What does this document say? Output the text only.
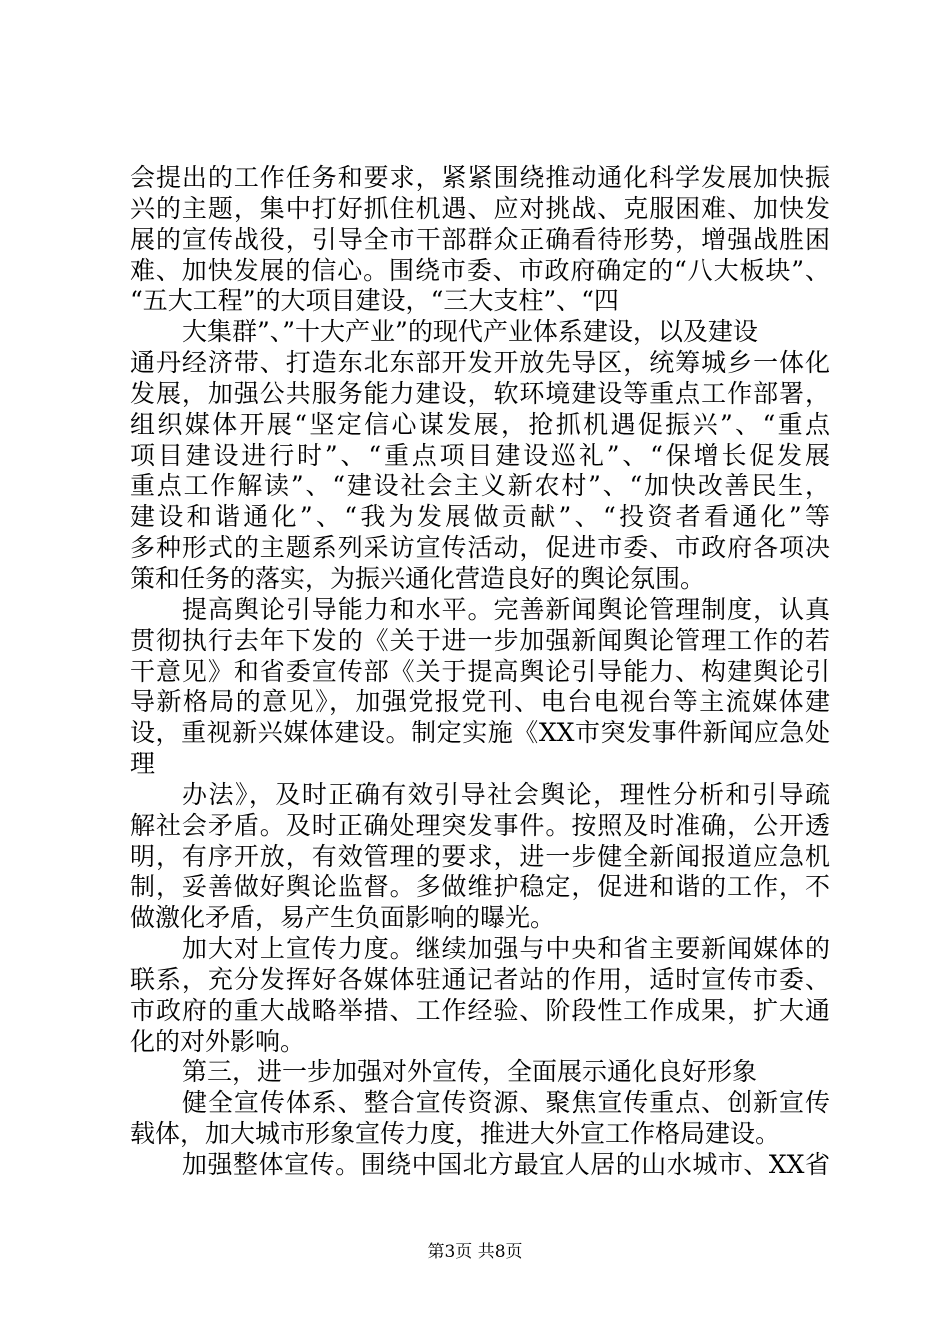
会提出的工作任务和要求，紧紧围绕推动通化科学发展加快振
兴的主题，集中打好抓住机遇、应对挑战、克服困难、加快发
展的宣传战役，引导全市干部群众正确看待形势，增强战胜困
难、加快发展的信心。围绕市委、市政府确定的“八大板块”、
“五大工程”的大项目建设，“三大支柱”、“四
大集群”、”十大产业”的现代产业体系建设，以及建设
通丹经济带、打造东北东部开发开放先导区，统筹城乡一体化
发展，加强公共服务能力建设，软环境建设等重点工作部署，
组织媒体开展“坚定信心谋发展，抢抓机遇促振兴”、“重点
项目建设进行时”、“重点项目建设巡礼”、“保增长促发展
重点工作解读”、“建设社会主义新农村”、“加快改善民生，
建设和谐通化”、“我为发展做贡献”、“投资者看通化”等
多种形式的主题系列采访宣传活动，促进市委、市政府各项决
策和任务的落实，为振兴通化营造良好的舆论氛围。
提高舆论引导能力和水平。完善新闻舆论管理制度，认真
贯彻执行去年下发的《关于进一步加强新闻舆论管理工作的若
干意见》和省委宣传部《关于提高舆论引导能力、构建舆论引
导新格局的意见》，加强党报党刊、电台电视台等主流媒体建
设，重视新兴媒体建设。制定实施《XX市突发事件新闻应急处
理
办法》，及时正确有效引导社会舆论，理性分析和引导疏
解社会矛盾。及时正确处理突发事件。按照及时准确，公开透
明，有序开放，有效管理的要求，进一步健全新闻报道应急机
制，妥善做好舆论监督。多做维护稳定，促进和谐的工作，不
做激化矛盾，易产生负面影响的曝光。
加大对上宣传力度。继续加强与中央和省主要新闻媒体的
联系，充分发挥好各媒体驻通记者站的作用，适时宣传市委、
市政府的重大战略举措、工作经验、阶段性工作成果，扩大通
化的对外影响。
第三，进一步加强对外宣传，全面展示通化良好形象
健全宣传体系、整合宣传资源、聚焦宣传重点、创新宣传
载体，加大城市形象宣传力度，推进大外宣工作格局建设。
加强整体宣传。围绕中国北方最宜人居的山水城市、XX省
第3页 共8页
